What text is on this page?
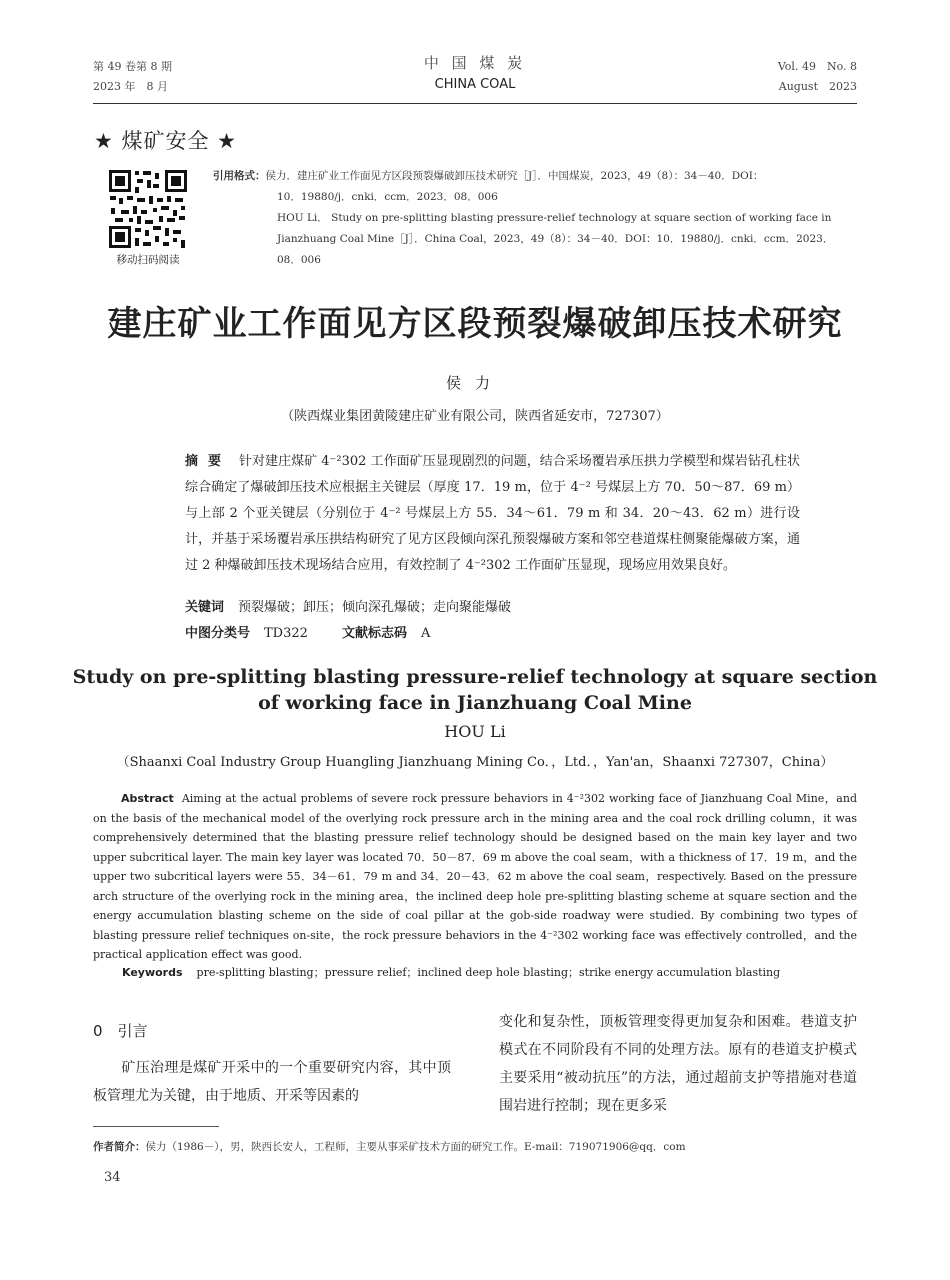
第 49 卷第 8 期
2023 年　8 月
中 国 煤 炭
CHINA COAL
Vol. 49　No. 8
August　2023
★ 煤矿安全 ★
移动扫码阅读
引用格式：侯力．建庄矿业工作面见方区段预裂爆破卸压技术研究［J］．中国煤炭，2023，49（8）：34－40．DOI：
10．19880/j．cnki．ccm．2023．08．006
HOU Li． Study on pre-splitting blasting pressure-relief technology at square section of working face in
Jianzhuang Coal Mine［J］．China Coal，2023，49（8）：34－40．DOI：10．19880/j．cnki．ccm．2023．08．006
建庄矿业工作面见方区段预裂爆破卸压技术研究
侯力
（陕西煤业集团黄陵建庄矿业有限公司，陕西省延安市，727307）
摘要 针对建庄煤矿 4⁻²302 工作面矿压显现剧烈的问题，结合采场覆岩承压拱力学模型和煤岩钻孔柱状综合确定了爆破卸压技术应根据主关键层（厚度 17．19 m，位于 4⁻² 号煤层上方 70．50～87．69 m）与上部 2 个亚关键层（分别位于 4⁻² 号煤层上方 55．34～61．79 m 和 34．20～43．62 m）进行设计，并基于采场覆岩承压拱结构研究了见方区段倾向深孔预裂爆破方案和邻空巷道煤柱侧聚能爆破方案，通过 2 种爆破卸压技术现场结合应用，有效控制了 4⁻²302 工作面矿压显现，现场应用效果良好。
关键词 预裂爆破；卸压；倾向深孔爆破；走向聚能爆破
中图分类号 TD322	文献标志码 A
Study on pre-splitting blasting pressure-relief technology at square section
of working face in Jianzhuang Coal Mine
HOU Li
（Shaanxi Coal Industry Group Huangling Jianzhuang Mining Co．，Ltd．，Yan'an，Shaanxi 727307，China）
Abstract Aiming at the actual problems of severe rock pressure behaviors in 4⁻²302 working face of Jianzhuang Coal Mine，and on the basis of the mechanical model of the overlying rock pressure arch in the mining area and the coal rock drilling column，it was comprehensively determined that the blasting pressure relief technology should be designed based on the main key layer and two upper subcritical layer. The main key layer was located 70．50－87．69 m above the coal seam，with a thickness of 17．19 m，and the upper two subcritical layers were 55．34－61．79 m and 34．20－43．62 m above the coal seam，respectively. Based on the pressure arch structure of the overlying rock in the mining area，the inclined deep hole pre-splitting blasting scheme at square section and the energy accumulation blasting scheme on the side of coal pillar at the gob-side roadway were studied. By combining two types of blasting pressure relief techniques on-site，the rock pressure behaviors in the 4⁻²302 working face was effectively controlled，and the practical application effect was good.
Keywords pre-splitting blasting；pressure relief；inclined deep hole blasting；strike energy accumulation blasting
0　引言
矿压治理是煤矿开采中的一个重要研究内容，其中顶板管理尤为关键，由于地质、开采等因素的
变化和复杂性，顶板管理变得更加复杂和困难。巷道支护模式在不同阶段有不同的处理方法。原有的巷道支护模式主要采用“被动抗压”的方法，通过超前支护等措施对巷道围岩进行控制；现在更多采
作者简介：侯力（1986－），男，陕西长安人，工程师，主要从事采矿技术方面的研究工作。E-mail：719071906@qq．com
34
